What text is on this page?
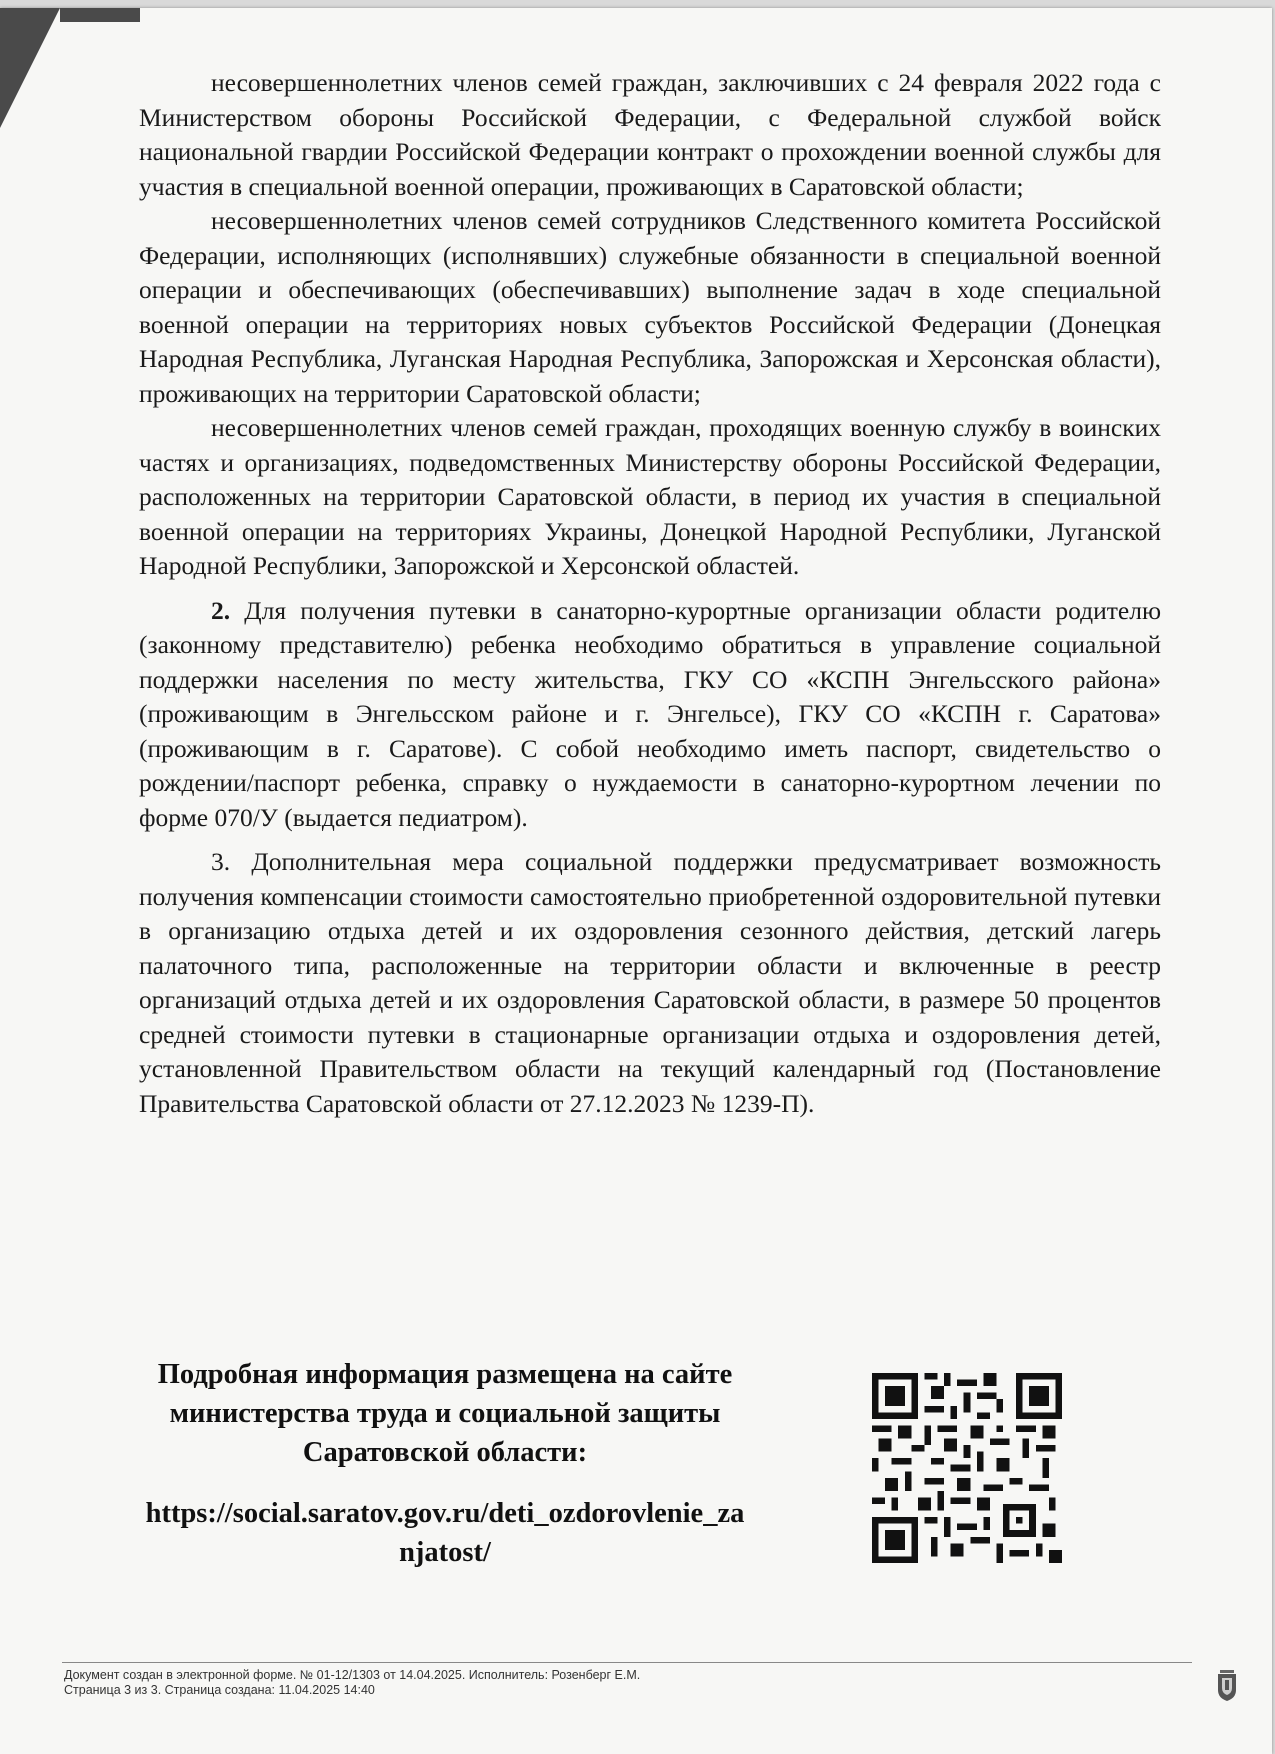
несовершеннолетних членов семей граждан, заключивших с 24 февраля 2022 года с Министерством обороны Российской Федерации, с Федеральной службой войск национальной гвардии Российской Федерации контракт о прохождении военной службы для участия в специальной военной операции, проживающих в Саратовской области;

несовершеннолетних членов семей сотрудников Следственного комитета Российской Федерации, исполняющих (исполнявших) служебные обязанности в специальной военной операции и обеспечивающих (обеспечивавших) выполнение задач в ходе специальной военной операции на территориях новых субъектов Российской Федерации (Донецкая Народная Республика, Луганская Народная Республика, Запорожская и Херсонская области), проживающих на территории Саратовской области;

несовершеннолетних членов семей граждан, проходящих военную службу в воинских частях и организациях, подведомственных Министерству обороны Российской Федерации, расположенных на территории Саратовской области, в период их участия в специальной военной операции на территориях Украины, Донецкой Народной Республики, Луганской Народной Республики, Запорожской и Херсонской областей.

2. Для получения путевки в санаторно-курортные организации области родителю (законному представителю) ребенка необходимо обратиться в управление социальной поддержки населения по месту жительства, ГКУ СО «КСПН Энгельсского района» (проживающим в Энгельсском районе и г. Энгельсе), ГКУ СО «КСПН г. Саратова» (проживающим в г. Саратове). С собой необходимо иметь паспорт, свидетельство о рождении/паспорт ребенка, справку о нуждаемости в санаторно-курортном лечении по форме 070/У (выдается педиатром).

3. Дополнительная мера социальной поддержки предусматривает возможность получения компенсации стоимости самостоятельно приобретенной оздоровительной путевки в организацию отдыха детей и их оздоровления сезонного действия, детский лагерь палаточного типа, расположенные на территории области и включенные в реестр организаций отдыха детей и их оздоровления Саратовской области, в размере 50 процентов средней стоимости путевки в стационарные организации отдыха и оздоровления детей, установленной Правительством области на текущий календарный год (Постановление Правительства Саратовской области от 27.12.2023 № 1239-П).

Подробная информация размещена на сайте министерства труда и социальной защиты Саратовской области:
https://social.saratov.gov.ru/deti_ozdorovlenie_zanjatost/
Документ создан в электронной форме. № 01-12/1303 от 14.04.2025. Исполнитель: Розенберг Е.М.
Страница 3 из 3. Страница создана: 11.04.2025 14:40
